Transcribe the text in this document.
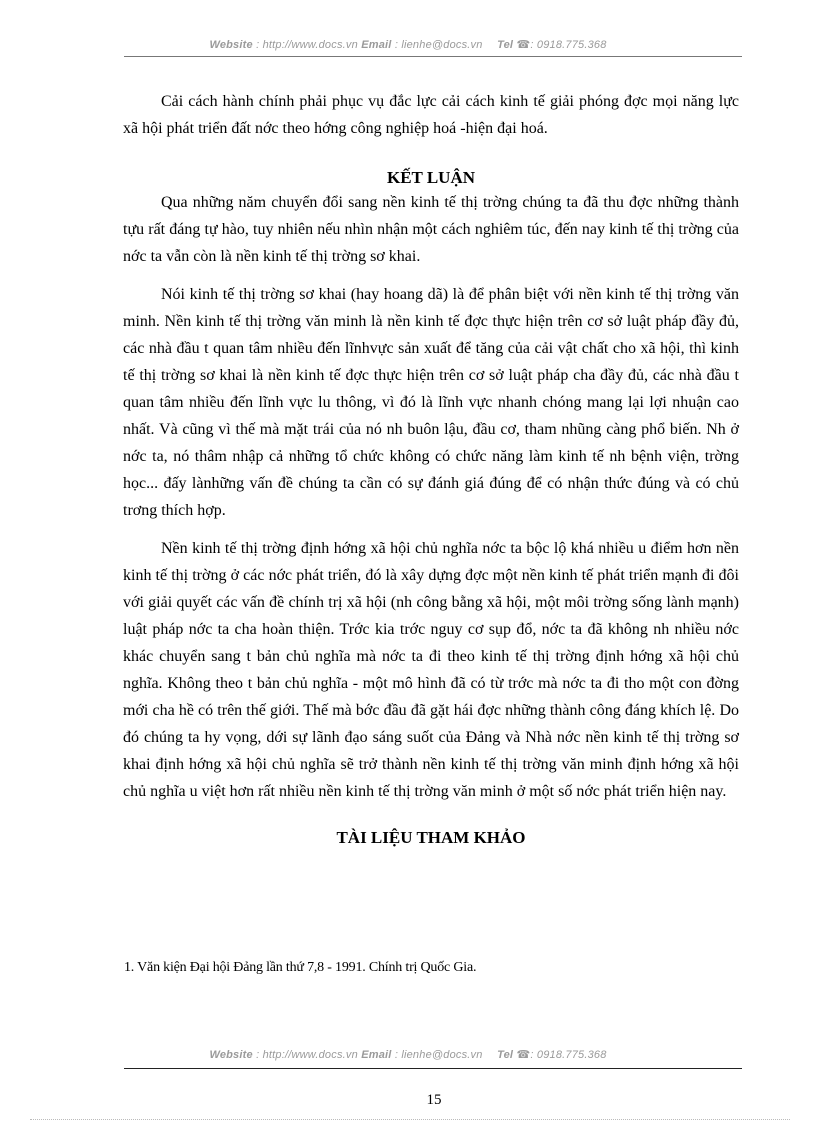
Website : http://www.docs.vn Email : lienhe@docs.vn Tel ☎: 0918.775.368

Cải cách hành chính phải phục vụ đắc lực cải cách kinh tế giải phóng đợc mọi năng lực xã hội phát triển đất nớc theo hớng công nghiệp hoá -hiện đại hoá.

KẾT LUẬN

Qua những năm chuyển đổi sang nền kinh tế thị trờng chúng ta đã thu đợc những thành tựu rất đáng tự hào, tuy nhiên nếu nhìn nhận một cách nghiêm túc, đến nay kinh tế thị trờng của nớc ta vẫn còn là nền kinh tế thị trờng sơ khai.

Nói kinh tế thị trờng sơ khai (hay hoang dã) là để phân biệt với nền kinh tế thị trờng văn minh. Nền kinh tế thị trờng văn minh là nền kinh tế đợc thực hiện trên cơ sở luật pháp đầy đủ, các nhà đầu t quan tâm nhiều đến lĩnhvực sản xuất để tăng của cải vật chất cho xã hội, thì kinh tế thị trờng sơ khai là nền kinh tế đợc thực hiện trên cơ sở luật pháp cha đầy đủ, các nhà đầu t quan tâm nhiều đến lĩnh vực lu thông, vì đó là lĩnh vực nhanh chóng mang lại lợi nhuận cao nhất. Và cũng vì thế mà mặt trái của nó nh buôn lậu, đầu cơ, tham nhũng càng phổ biến. Nh ở nớc ta, nó thâm nhập cả những tổ chức không có chức năng làm kinh tế nh bệnh viện, trờng học... đấy lànhững vấn đề chúng ta cần có sự đánh giá đúng để có nhận thức đúng và có chủ trơng thích hợp.

Nền kinh tế thị trờng định hớng xã hội chủ nghĩa nớc ta bộc lộ khá nhiều u điểm hơn nền kinh tế thị trờng ở các nớc phát triển, đó là xây dựng đợc một nền kinh tế phát triển mạnh đi đôi với giải quyết các vấn đề chính trị xã hội (nh công bằng xã hội, một môi trờng sống lành mạnh) luật pháp nớc ta cha hoàn thiện. Trớc kia trớc nguy cơ sụp đổ, nớc ta đã không nh nhiều nớc khác chuyển sang t bản chủ nghĩa mà nớc ta đi theo kinh tế thị trờng định hớng xã hội chủ nghĩa. Không theo t bản chủ nghĩa - một mô hình đã có từ trớc mà nớc ta đi tho một con đờng mới cha hề có trên thế giới. Thế mà bớc đầu đã gặt hái đợc những thành công đáng khích lệ. Do đó chúng ta hy vọng, dới sự lãnh đạo sáng suốt của Đảng và Nhà nớc nền kinh tế thị trờng sơ khai định hớng xã hội chủ nghĩa sẽ trở thành nền kinh tế thị trờng văn minh định hớng xã hội chủ nghĩa u việt hơn rất nhiều nền kinh tế thị trờng văn minh ở một số nớc phát triển hiện nay.

TÀI LIỆU THAM KHẢO
1. Văn kiện Đại hội Đảng lần thứ 7,8 - 1991. Chính trị Quốc Gia.
Website : http://www.docs.vn Email : lienhe@docs.vn Tel ☎: 0918.775.368
15
